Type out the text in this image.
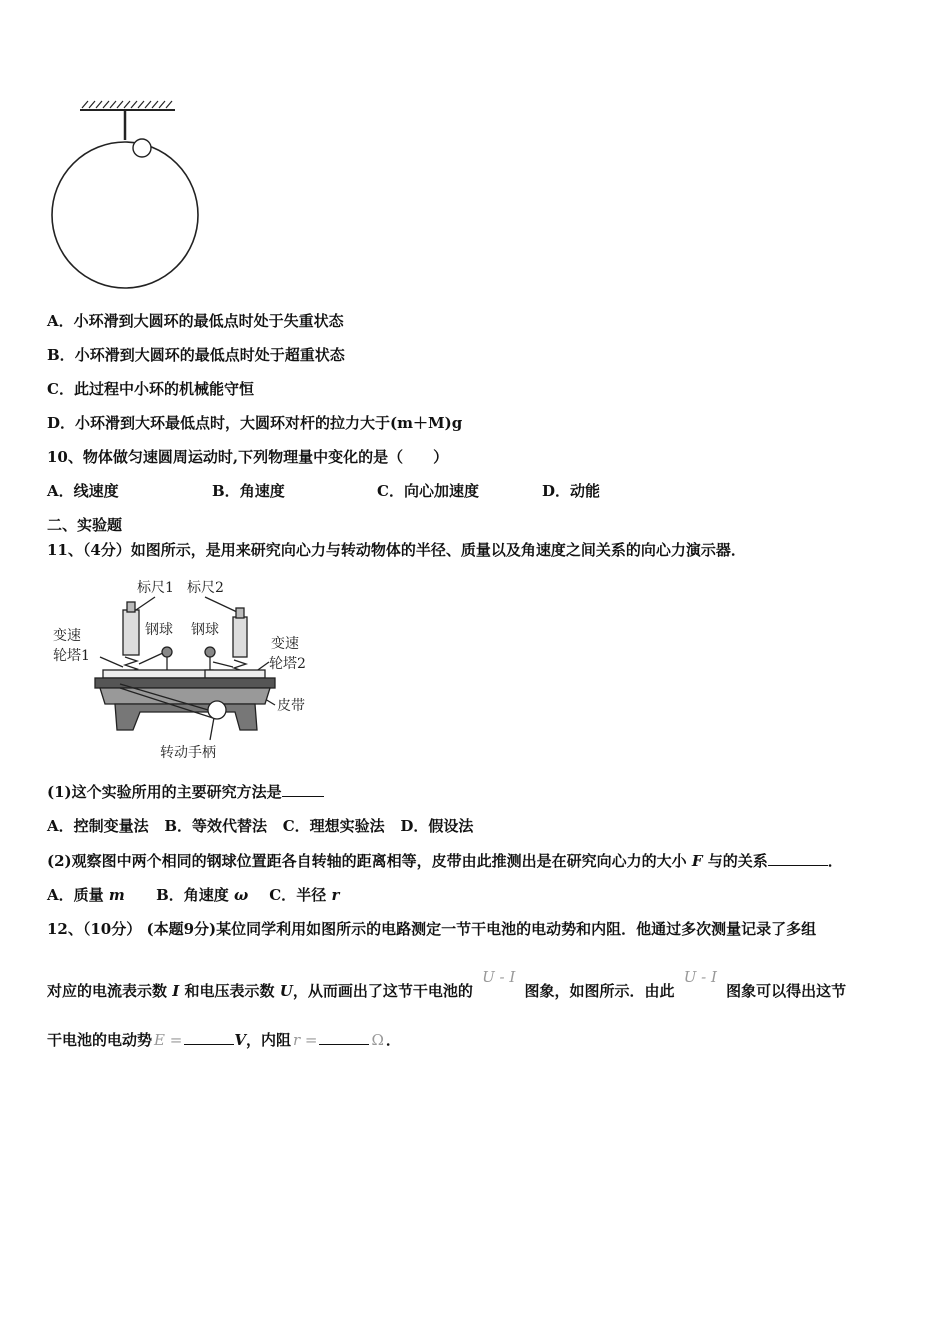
A．小环滑到大圆环的最低点时处于失重状态
B．小环滑到大圆环的最低点时处于超重状态
C．此过程中小环的机械能守恒
D．小环滑到大环最低点时，大圆环对杆的拉力大于(m＋M)g
10、物体做匀速圆周运动时,下列物理量中变化的是（　　）
A．线速度	B．角速度	C．向心加速度	D．动能
二、实验题
11、（4分）如图所示，是用来研究向心力与转动物体的半径、质量以及角速度之间关系的向心力演示器．
标尺1 标尺2
钢球 钢球
变速
轮塔1
变速
轮塔2
皮带
转动手柄
(1)这个实验所用的主要研究方法是
A．控制变量法 B．等效代替法 C．理想实验法 D．假设法
(2)观察图中两个相同的钢球位置距各自转轴的距离相等，皮带由此推测出是在研究向心力的大小 F 与的关系	．
A．质量 m B．角速度 ω C．半径 r
12、（10分） (本题9分)某位同学利用如图所示的电路测定一节干电池的电动势和内阻．他通过多次测量记录了多组
对应的电流表示数 I 和电压表示数 U，从而画出了这节干电池的 U - I 图象，如图所示．由此 U - I 图象可以得出这节
干电池的电动势 E =	V，内阻 r =	Ω ．
